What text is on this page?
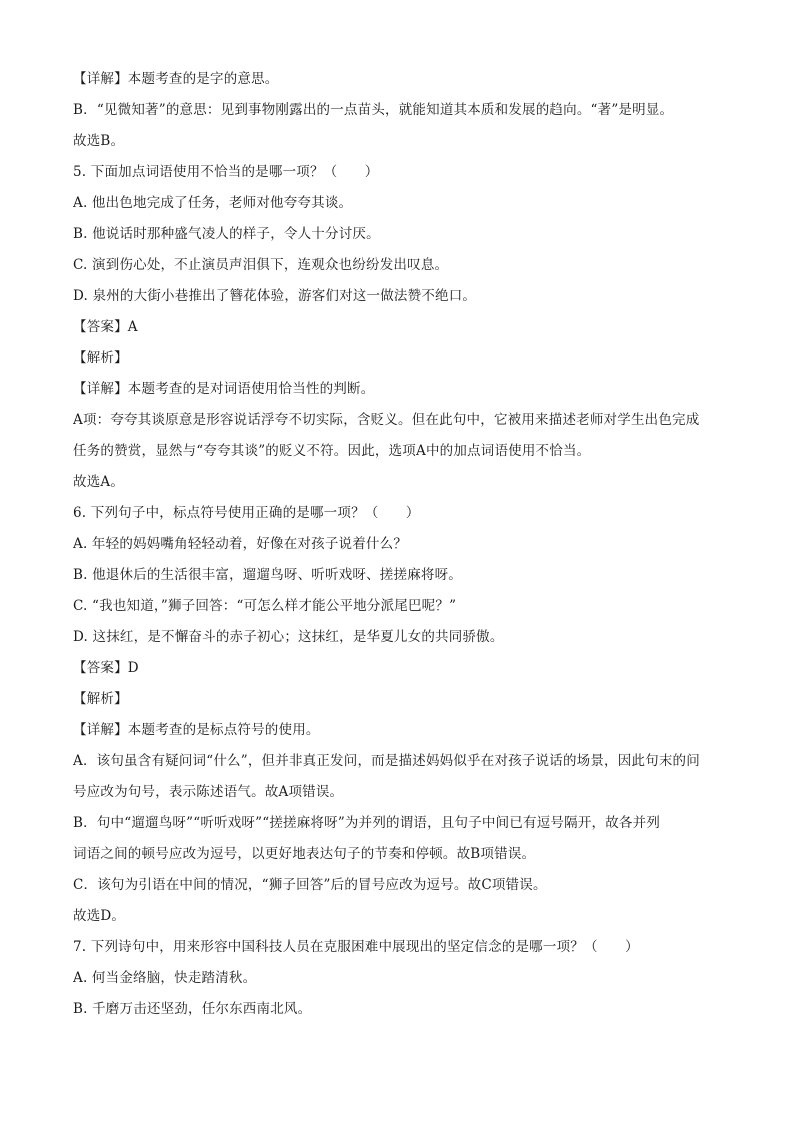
【详解】本题考查的是字的意思。
B．“见微知著”的意思：见到事物刚露出的一点苗头，就能知道其本质和发展的趋向。“著”是明显。
故选B。
5. 下面加点词语使用不恰当的是哪一项？（　　）
A. 他出色地完成了任务，老师对他夸夸其谈。
B. 他说话时那种盛气凌人的样子，令人十分讨厌。
C. 演到伤心处，不止演员声泪俱下，连观众也纷纷发出叹息。
D. 泉州的大街小巷推出了簪花体验，游客们对这一做法赞不绝口。
【答案】A
【解析】
【详解】本题考查的是对词语使用恰当性的判断。
A项：夸夸其谈原意是形容说话浮夸不切实际，含贬义。但在此句中，它被用来描述老师对学生出色完成
任务的赞赏，显然与“夸夸其谈”的贬义不符。因此，选项A中的加点词语使用不恰当。
故选A。
6. 下列句子中，标点符号使用正确的是哪一项？（　　）
A. 年轻的妈妈嘴角轻轻动着，好像在对孩子说着什么？
B. 他退休后的生活很丰富，遛遛鸟呀、听听戏呀、搓搓麻将呀。
C. “我也知道，”狮子回答：“可怎么样才能公平地分派尾巴呢？”
D. 这抹红，是不懈奋斗的赤子初心；这抹红，是华夏儿女的共同骄傲。
【答案】D
【解析】
【详解】本题考查的是标点符号的使用。
A．该句虽含有疑问词“什么”，但并非真正发问，而是描述妈妈似乎在对孩子说话的场景，因此句末的问
号应改为句号，表示陈述语气。故A项错误。
B．句中“遛遛鸟呀”“听听戏呀”“搓搓麻将呀”为并列的谓语，且句子中间已有逗号隔开，故各并列
词语之间的顿号应改为逗号，以更好地表达句子的节奏和停顿。故B项错误。
C．该句为引语在中间的情况，“狮子回答”后的冒号应改为逗号。故C项错误。
故选D。
7. 下列诗句中，用来形容中国科技人员在克服困难中展现出的坚定信念的是哪一项？（　　）
A. 何当金络脑，快走踏清秋。
B. 千磨万击还坚劲，任尔东西南北风。
